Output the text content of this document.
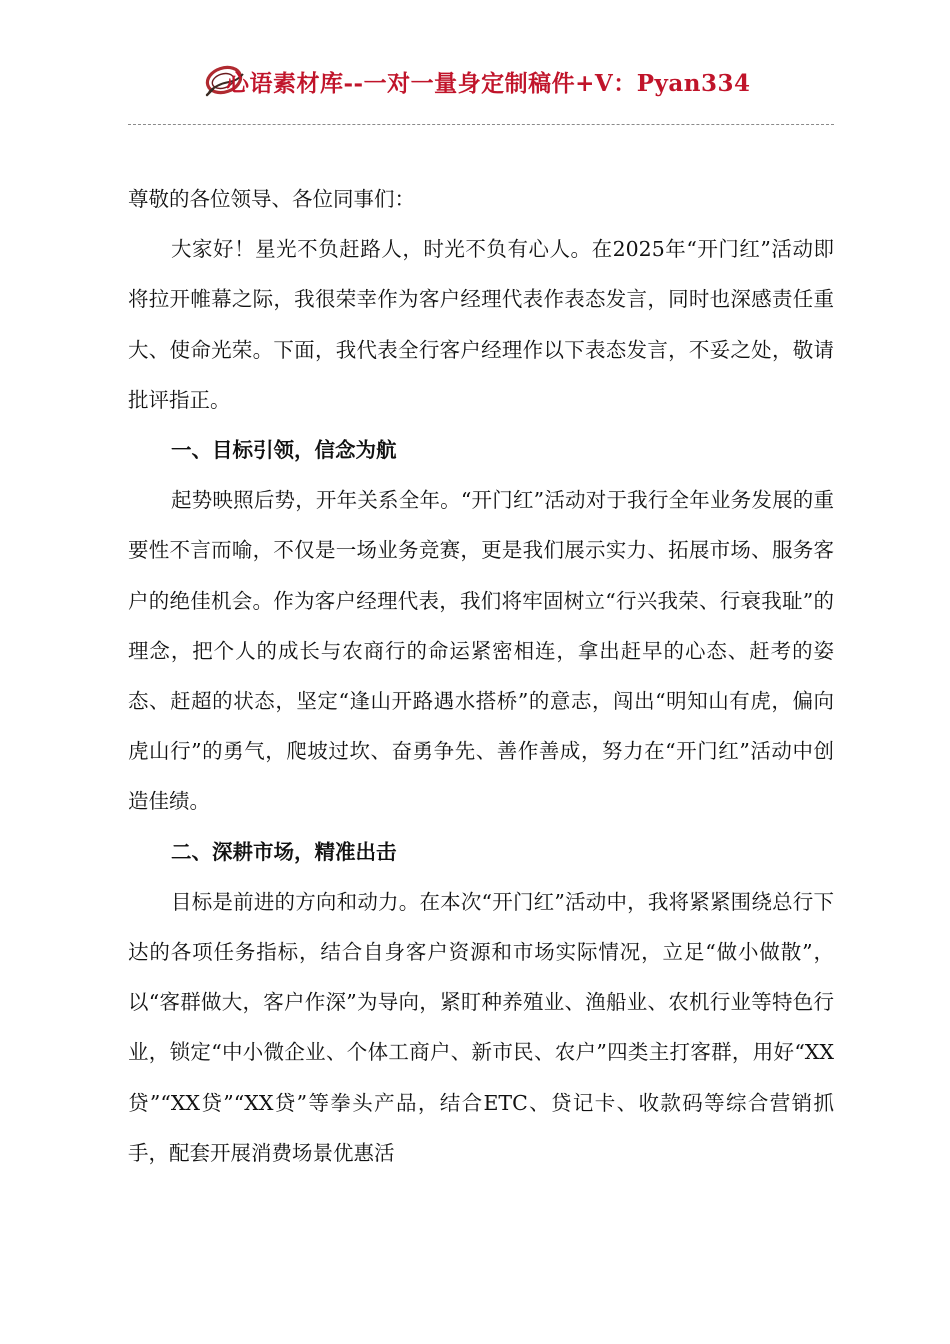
心语素材库--一对一量身定制稿件+V：Pyan334

尊敬的各位领导、各位同事们：

大家好！星光不负赶路人，时光不负有心人。在2025年“开门红”活动即将拉开帷幕之际，我很荣幸作为客户经理代表作表态发言，同时也深感责任重大、使命光荣。下面，我代表全行客户经理作以下表态发言，不妥之处，敬请批评指正。

一、目标引领，信念为航

起势映照后势，开年关系全年。“开门红”活动对于我行全年业务发展的重要性不言而喻，不仅是一场业务竞赛，更是我们展示实力、拓展市场、服务客户的绝佳机会。作为客户经理代表，我们将牢固树立“行兴我荣、行衰我耻”的理念，把个人的成长与农商行的命运紧密相连，拿出赶早的心态、赶考的姿态、赶超的状态，坚定“逢山开路遇水搭桥”的意志，闯出“明知山有虎，偏向虎山行”的勇气，爬坡过坎、奋勇争先、善作善成，努力在“开门红”活动中创造佳绩。

二、深耕市场，精准出击

目标是前进的方向和动力。在本次“开门红”活动中，我将紧紧围绕总行下达的各项任务指标，结合自身客户资源和市场实际情况，立足“做小做散”，以“客群做大，客户作深”为导向，紧盯种养殖业、渔船业、农机行业等特色行业，锁定“中小微企业、个体工商户、新市民、农户”四类主打客群，用好“XX贷”“XX贷”“XX贷”等拳头产品，结合ETC、贷记卡、收款码等综合营销抓手，配套开展消费场景优惠活
